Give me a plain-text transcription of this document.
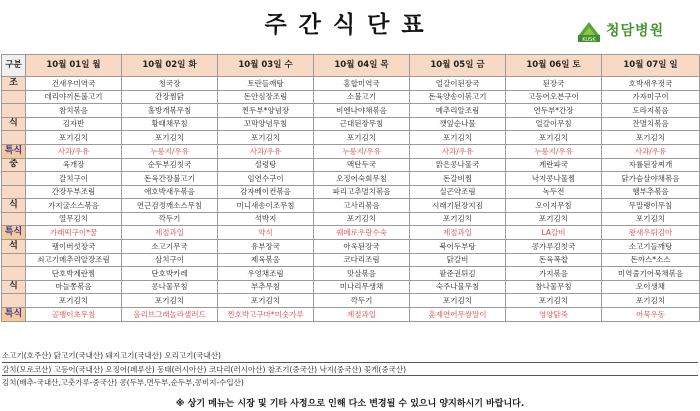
주간식단표
KUSK
청담병원
구분	10월 01일 월	10월 02일 화	10월 03일 수	10월 04일 목	10월 05일 금	10월 06일 토	10월 07일 일
조	건새우미역국	청국장	토란들깨탕	홍합미역국	얼갈이된장국	된장국	호박새우젓국
	데리야끼돈불고기	간장찜닭	돈안심장조림	소불고기	돈육양송이볶고기	고등어오븐구이	가자미구이
	참치볶음	홀방개볶무침	찐두부*양념장	비엔나야채볶음	메추리알조림	연두부*간장	도라지볶음
식	김자반	황태채무침	꼬막양념무침	근대된장무침	깻잎순나물	얼갈이무침	잔멸치볶음
	포기김치	포기김치	포기김치	포기김치	포기김치	포기김치	포기김치
특식	사과/우유	누룽지/우유	사과/우유	누룽지/우유	사과/우유	누룽지/우유	사과/우유
중	육개장	순두부김칫국	설렁탕	맥탄두국	맑은콩나물국	계란파국	자률된장찌개
	갈치구이	돈육간장불고기	임연수구이	오징어숙회무침	돈갈비찜	낙지콩나물찜	닭가슴살야채볶음
	간장두부조림	애호박새우볶음	감자베이컨볶음	파리고추멸치볶음	실곤약조림	녹두전	햄부추볶음
식	가지굴소스볶음	연근검정깨소스무침	미니새송이조무침	고사리볶음	시래기된장지짐	오이지무침	무말랭이무침
	열무김치	깍두기	석박지	포기김치	포기김치	포기김치	포기김치
특식	가래떡구이*꿀	계절과일	약식	꿰페로우랑수숙	계절과일	LA갈비	왕새우튀김아
석	팽이버섯장국	소고기무국	유부장국	아욱된장국	북어두부탕	콩가루김칫국	소고기들깨탕
	쇠고기메추리알장조림	삼치구이	제육볶음	코다리조림	닭갈비	돈육폭찹	돈까스*소스
	단호박계란찜	단호박카레	우엉채조림	맛살볶음	팥준권튀김	가지볶음	미역줄기어묵채볶음
식	마늘쫑볶음	콩나물무침	부추무침	미나리무생채	숙주나물무침	참나물무침	오이생채
	포기김치	포기김치	포기김치	깍두기	포기김치	포기김치	포기김치
특식	골뱅이초무침	올리브그래놀라샐러드	찐호박고구마*미숫가루	계절과일	훈제연어무쌈말이	영양닭죽	어묵우동
소고기(호주산) 닭고기(국내산) 돼지고기(국내산) 오리고기(국내산)
갈치(모로코산) 고등어(국내산) 오징어(페루산) 동태(러시아산) 코다리(러시아산) 참조기(중국산) 낙지(중국산) 꽃게(중국산)
김치(배추-국내산,고춧가루-중국산) 콩(두부,면두부,순두부,콩비지-수입산)
※ 상기 메뉴는 시장 및 기타 사정으로 인해 다소 변경될 수 있으니 양지하시기 바랍니다.
